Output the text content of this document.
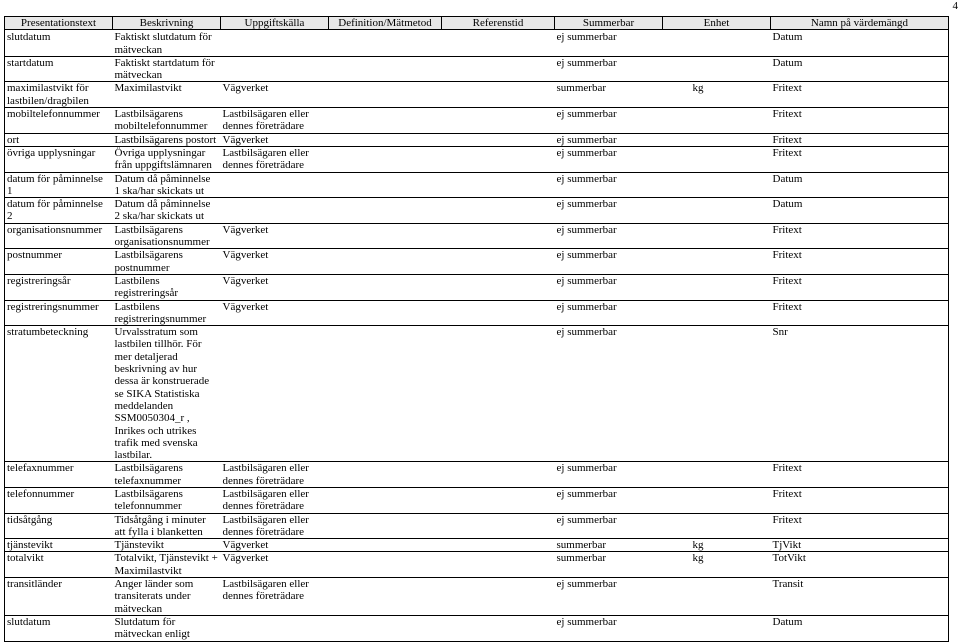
4
Presentationstext	Beskrivning	Uppgiftskälla	Definition/Mätmetod	Referenstid	Summerbar	Enhet	Namn på värdemängd
slutdatum	Faktiskt slutdatum för mätveckan				ej summerbar		Datum
startdatum	Faktiskt startdatum för mätveckan				ej summerbar		Datum
maximilastvikt för lastbilen/dragbilen	Maximilastvikt	Vägverket			summerbar	kg	Fritext
mobiltelefonnummer	Lastbilsägarens mobiltelefonnummer	Lastbilsägaren eller dennes företrädare			ej summerbar		Fritext
ort	Lastbilsägarens postort	Vägverket			ej summerbar		Fritext
övriga upplysningar	Övriga upplysningar från uppgiftslämnaren	Lastbilsägaren eller dennes företrädare			ej summerbar		Fritext
datum för påminnelse 1	Datum då påminnelse 1 ska/har skickats ut				ej summerbar		Datum
datum för påminnelse 2	Datum då påminnelse 2 ska/har skickats ut				ej summerbar		Datum
organisationsnummer	Lastbilsägarens organisationsnummer	Vägverket			ej summerbar		Fritext
postnummer	Lastbilsägarens postnummer	Vägverket			ej summerbar		Fritext
registreringsår	Lastbilens registreringsår	Vägverket			ej summerbar		Fritext
registreringsnummer	Lastbilens registreringsnummer	Vägverket			ej summerbar		Fritext
stratumbeteckning	Urvalsstratum som lastbilen tillhör. För mer detaljerad beskrivning av hur dessa är konstruerade se SIKA Statistiska meddelanden SSM0050304_r , Inrikes och utrikes trafik med svenska lastbilar.				ej summerbar		Snr
telefaxnummer	Lastbilsägarens telefaxnummer	Lastbilsägaren eller dennes företrädare			ej summerbar		Fritext
telefonnummer	Lastbilsägarens telefonnummer	Lastbilsägaren eller dennes företrädare			ej summerbar		Fritext
tidsåtgång	Tidsåtgång i minuter att fylla i blanketten	Lastbilsägaren eller dennes företrädare			ej summerbar		Fritext
tjänstevikt	Tjänstevikt	Vägverket			summerbar	kg	TjVikt
totalvikt	Totalvikt, Tjänstevikt + Maximilastvikt	Vägverket			summerbar	kg	TotVikt
transitländer	Anger länder som transiterats under mätveckan	Lastbilsägaren eller dennes företrädare			ej summerbar		Transit
slutdatum	Slutdatum för mätveckan enligt				ej summerbar		Datum
